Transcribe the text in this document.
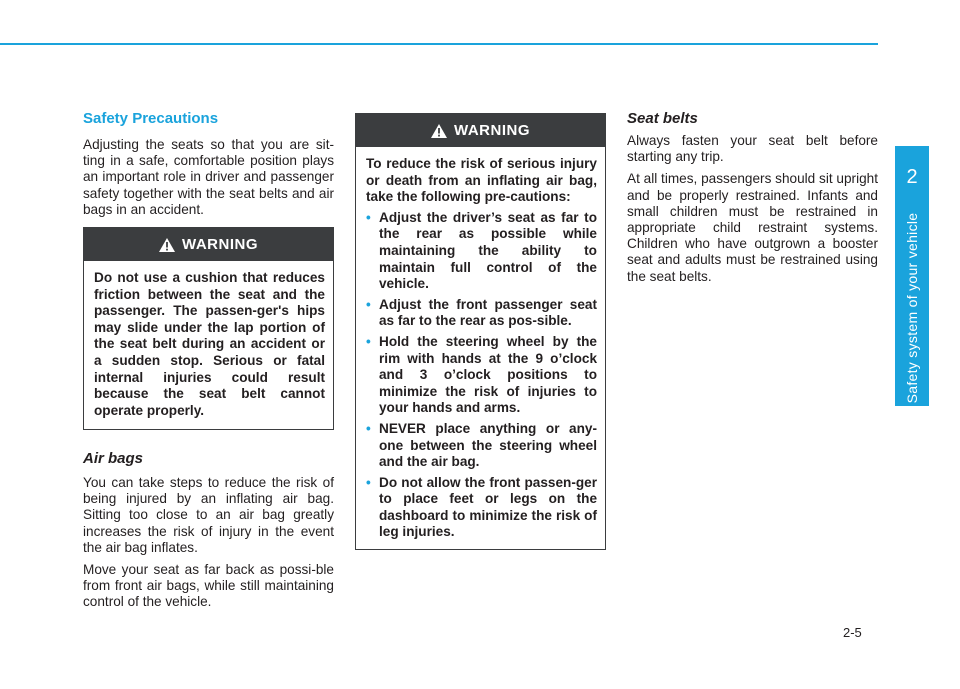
Safety Precautions

Adjusting the seats so that you are sit-ting in a safe, comfortable position plays an important role in driver and passenger safety together with the seat belts and air bags in an accident.

WARNING
Do not use a cushion that reduces friction between the seat and the passenger. The passen-ger's hips may slide under the lap portion of the seat belt during an accident or a sudden stop. Serious or fatal internal injuries could result because the seat belt cannot operate properly.
Air bags

You can take steps to reduce the risk of being injured by an inflating air bag. Sitting too close to an air bag greatly increases the risk of injury in the event the air bag inflates.

Move your seat as far back as possi-ble from front air bags, while still maintaining control of the vehicle.

WARNING
To reduce the risk of serious injury or death from an inflating air bag, take the following pre-cautions:
• Adjust the driver’s seat as far to the rear as possible while maintaining the ability to maintain full control of the vehicle.
• Adjust the front passenger seat as far to the rear as pos-sible.
• Hold the steering wheel by the rim with hands at the 9 o’clock and 3 o’clock positions to minimize the risk of injuries to your hands and arms.
• NEVER place anything or any-one between the steering wheel and the air bag.
• Do not allow the front passen-ger to place feet or legs on the dashboard to minimize the risk of leg injuries.
Seat belts

Always fasten your seat belt before starting any trip.

At all times, passengers should sit upright and be properly restrained. Infants and small children must be restrained in appropriate child restraint systems. Children who have outgrown a booster seat and adults must be restrained using the seat belts.

2
Safety system of your vehicle
2-5
